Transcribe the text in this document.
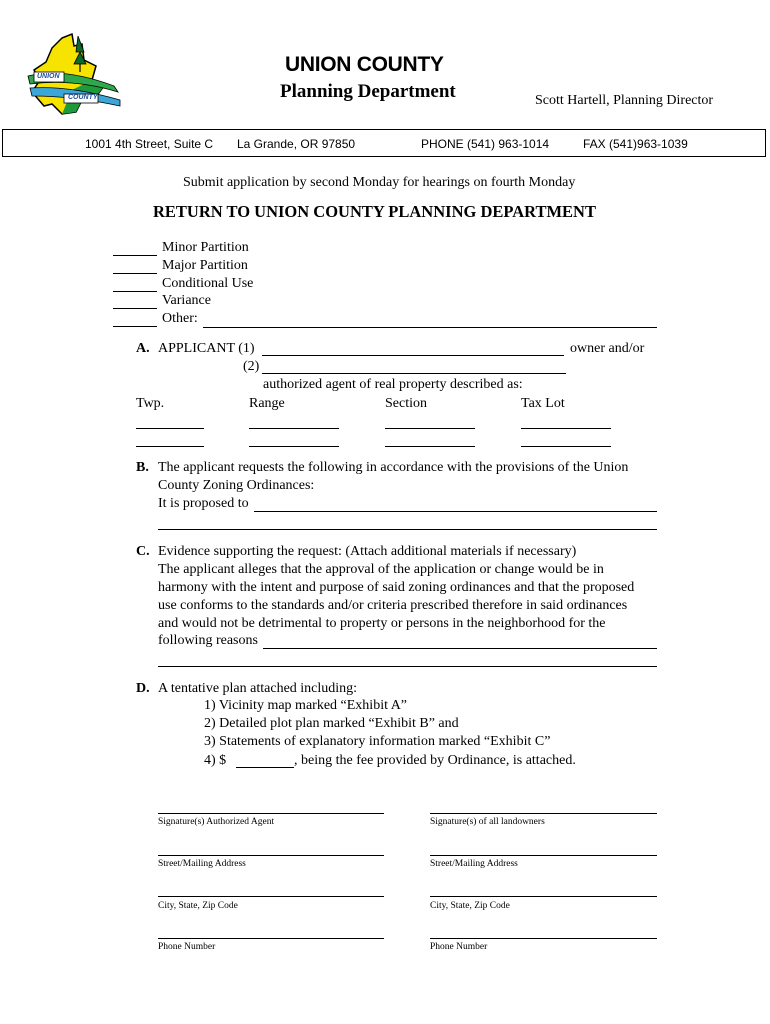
UNION
COUNTY
UNION COUNTY
Planning Department	Scott Hartell, Planning Director
1001 4th Street, Suite C La Grande, OR 97850	PHONE (541) 963-1014	FAX (541)963-1039
Submit application by second Monday for hearings on fourth Monday
RETURN TO UNION COUNTY PLANNING DEPARTMENT
Minor Partition
Major Partition
Conditional Use
Variance
Other:
A. APPLICANT (1)	owner and/or
(2)
authorized agent of real property described as:
Twp.	Range	Section	Tax Lot
B. The applicant requests the following in accordance with the provisions of the Union
County Zoning Ordinances:
It is proposed to
C. Evidence supporting the request: (Attach additional materials if necessary)
The applicant alleges that the approval of the application or change would be in
harmony with the intent and purpose of said zoning ordinances and that the proposed
use conforms to the standards and/or criteria prescribed therefore in said ordinances
and would not be detrimental to property or persons in the neighborhood for the
following reasons
D. A tentative plan attached including:
1) Vicinity map marked “Exhibit A”
2) Detailed plot plan marked “Exhibit B” and
3) Statements of explanatory information marked “Exhibit C”
4) $	, being the fee provided by Ordinance, is attached.
Signature(s) Authorized Agent
Street/Mailing Address
City, State, Zip Code
Phone Number
Signature(s) of all landowners
Street/Mailing Address
City, State, Zip Code
Phone Number
